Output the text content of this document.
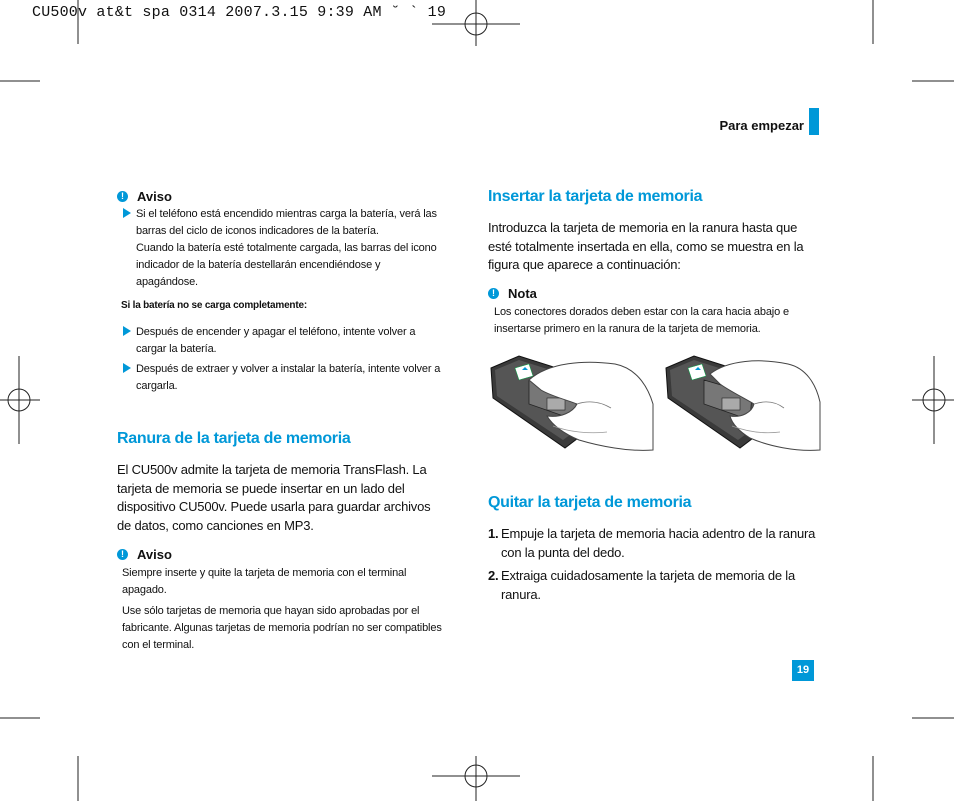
CU500v at&t spa 0314 2007.3.15 9:39 AM ˘ ` 19
Para empezar
!	Aviso
Si el teléfono está encendido mientras carga la batería, verá las barras del ciclo de iconos indicadores de la batería.
Cuando la batería esté totalmente cargada, las barras del icono indicador de la batería destellarán encendiéndose y apagándose.
Si la batería no se carga completamente:
Después de encender y apagar el teléfono, intente volver a cargar la batería.
Después de extraer y volver a instalar la batería, intente volver a cargarla.
Ranura de la tarjeta de memoria
El CU500v admite la tarjeta de memoria TransFlash. La tarjeta de memoria se puede insertar en un lado del dispositivo CU500v. Puede usarla para guardar archivos de datos, como canciones en MP3.
!	Aviso
Siempre inserte y quite la tarjeta de memoria con el terminal apagado.
Use sólo tarjetas de memoria que hayan sido aprobadas por el fabricante. Algunas tarjetas de memoria podrían no ser compatibles con el terminal.
Insertar la tarjeta de memoria
Introduzca la tarjeta de memoria en la ranura hasta que esté totalmente insertada en ella, como se muestra en la figura que aparece a continuación:
!	Nota
Los conectores dorados deben estar con la cara hacia abajo e insertarse primero en la ranura de la tarjeta de memoria.
Quitar la tarjeta de memoria
1. Empuje la tarjeta de memoria hacia adentro de la ranura con la punta del dedo.
2. Extraiga cuidadosamente la tarjeta de memoria de la ranura.
19
